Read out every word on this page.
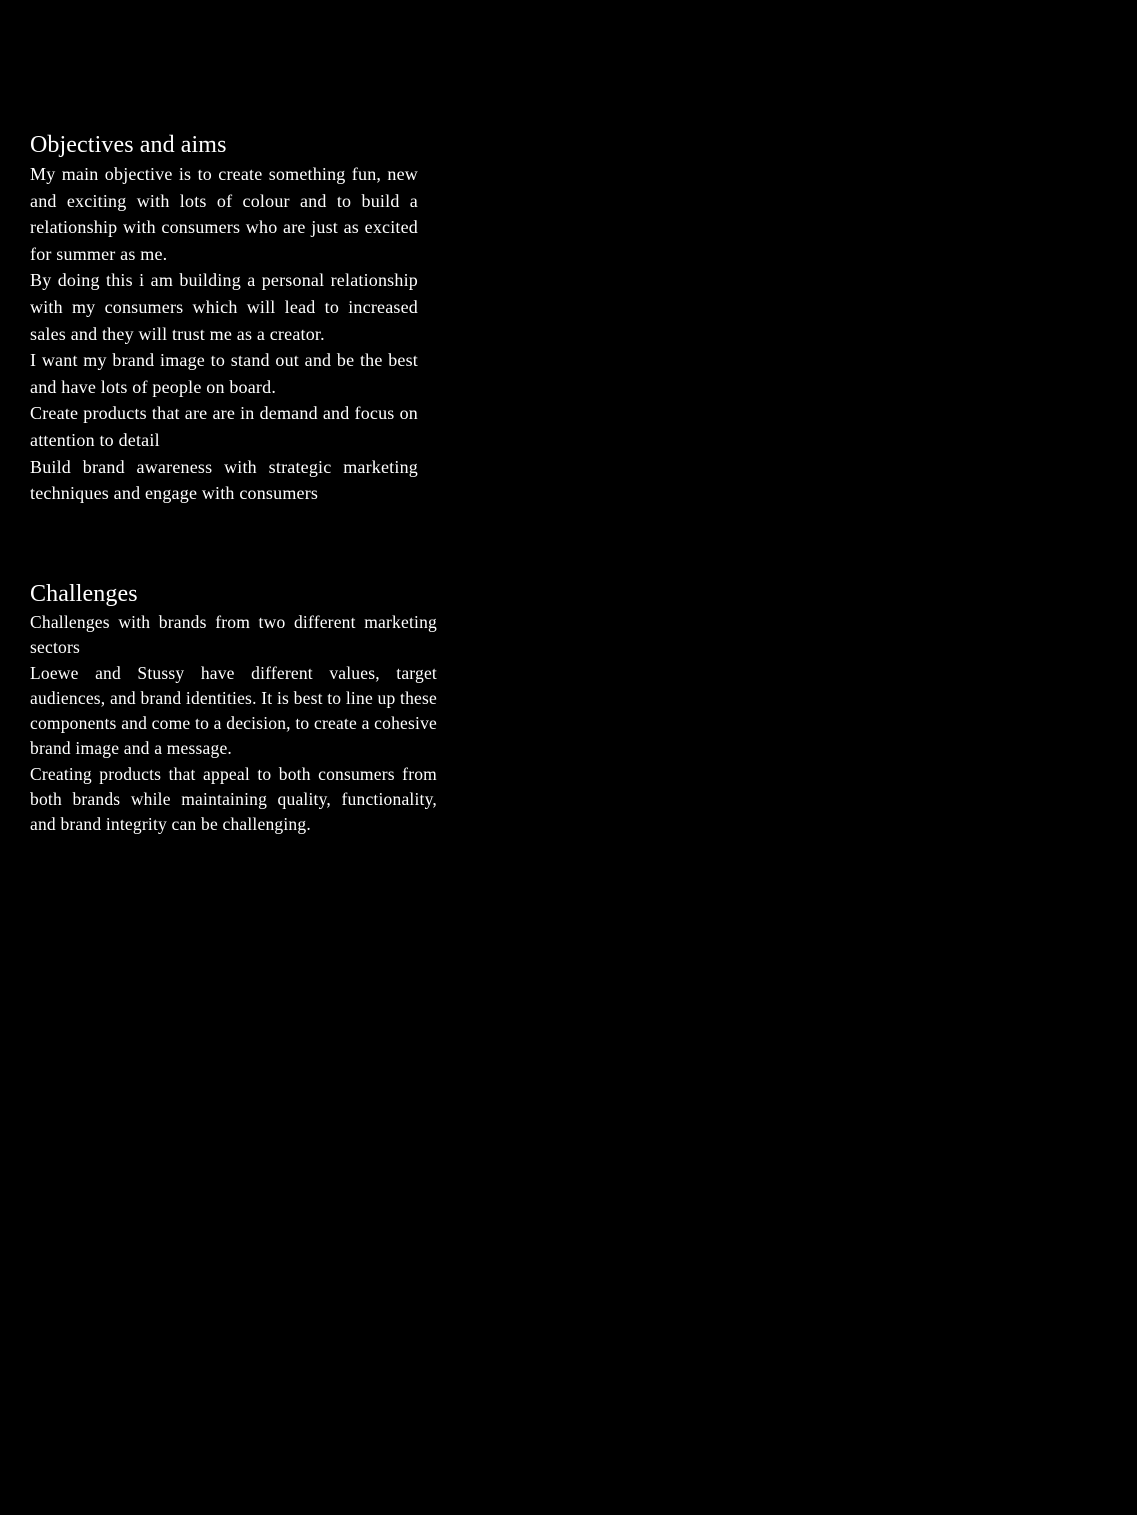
Objectives and aims

My main objective is to create something fun, new and exciting with lots of colour and to build a relationship with consumers who are just as excited for summer as me.

By doing this i am building a personal relationship with my consumers which will lead to increased sales and they will trust me as a creator.

I want my brand image to stand out and be the best and have lots of people on board.

Create products that are are in demand and focus on attention to detail

Build brand awareness with strategic marketing techniques and engage with consumers

Challenges

Challenges with brands from two different marketing sectors

Loewe and Stussy have different values, target audiences, and brand identities. It is best to line up these components and come to a decision, to create a cohesive brand image and a message.

Creating products that appeal to both consumers from both brands while maintaining quality, functionality, and brand integrity can be challenging.
